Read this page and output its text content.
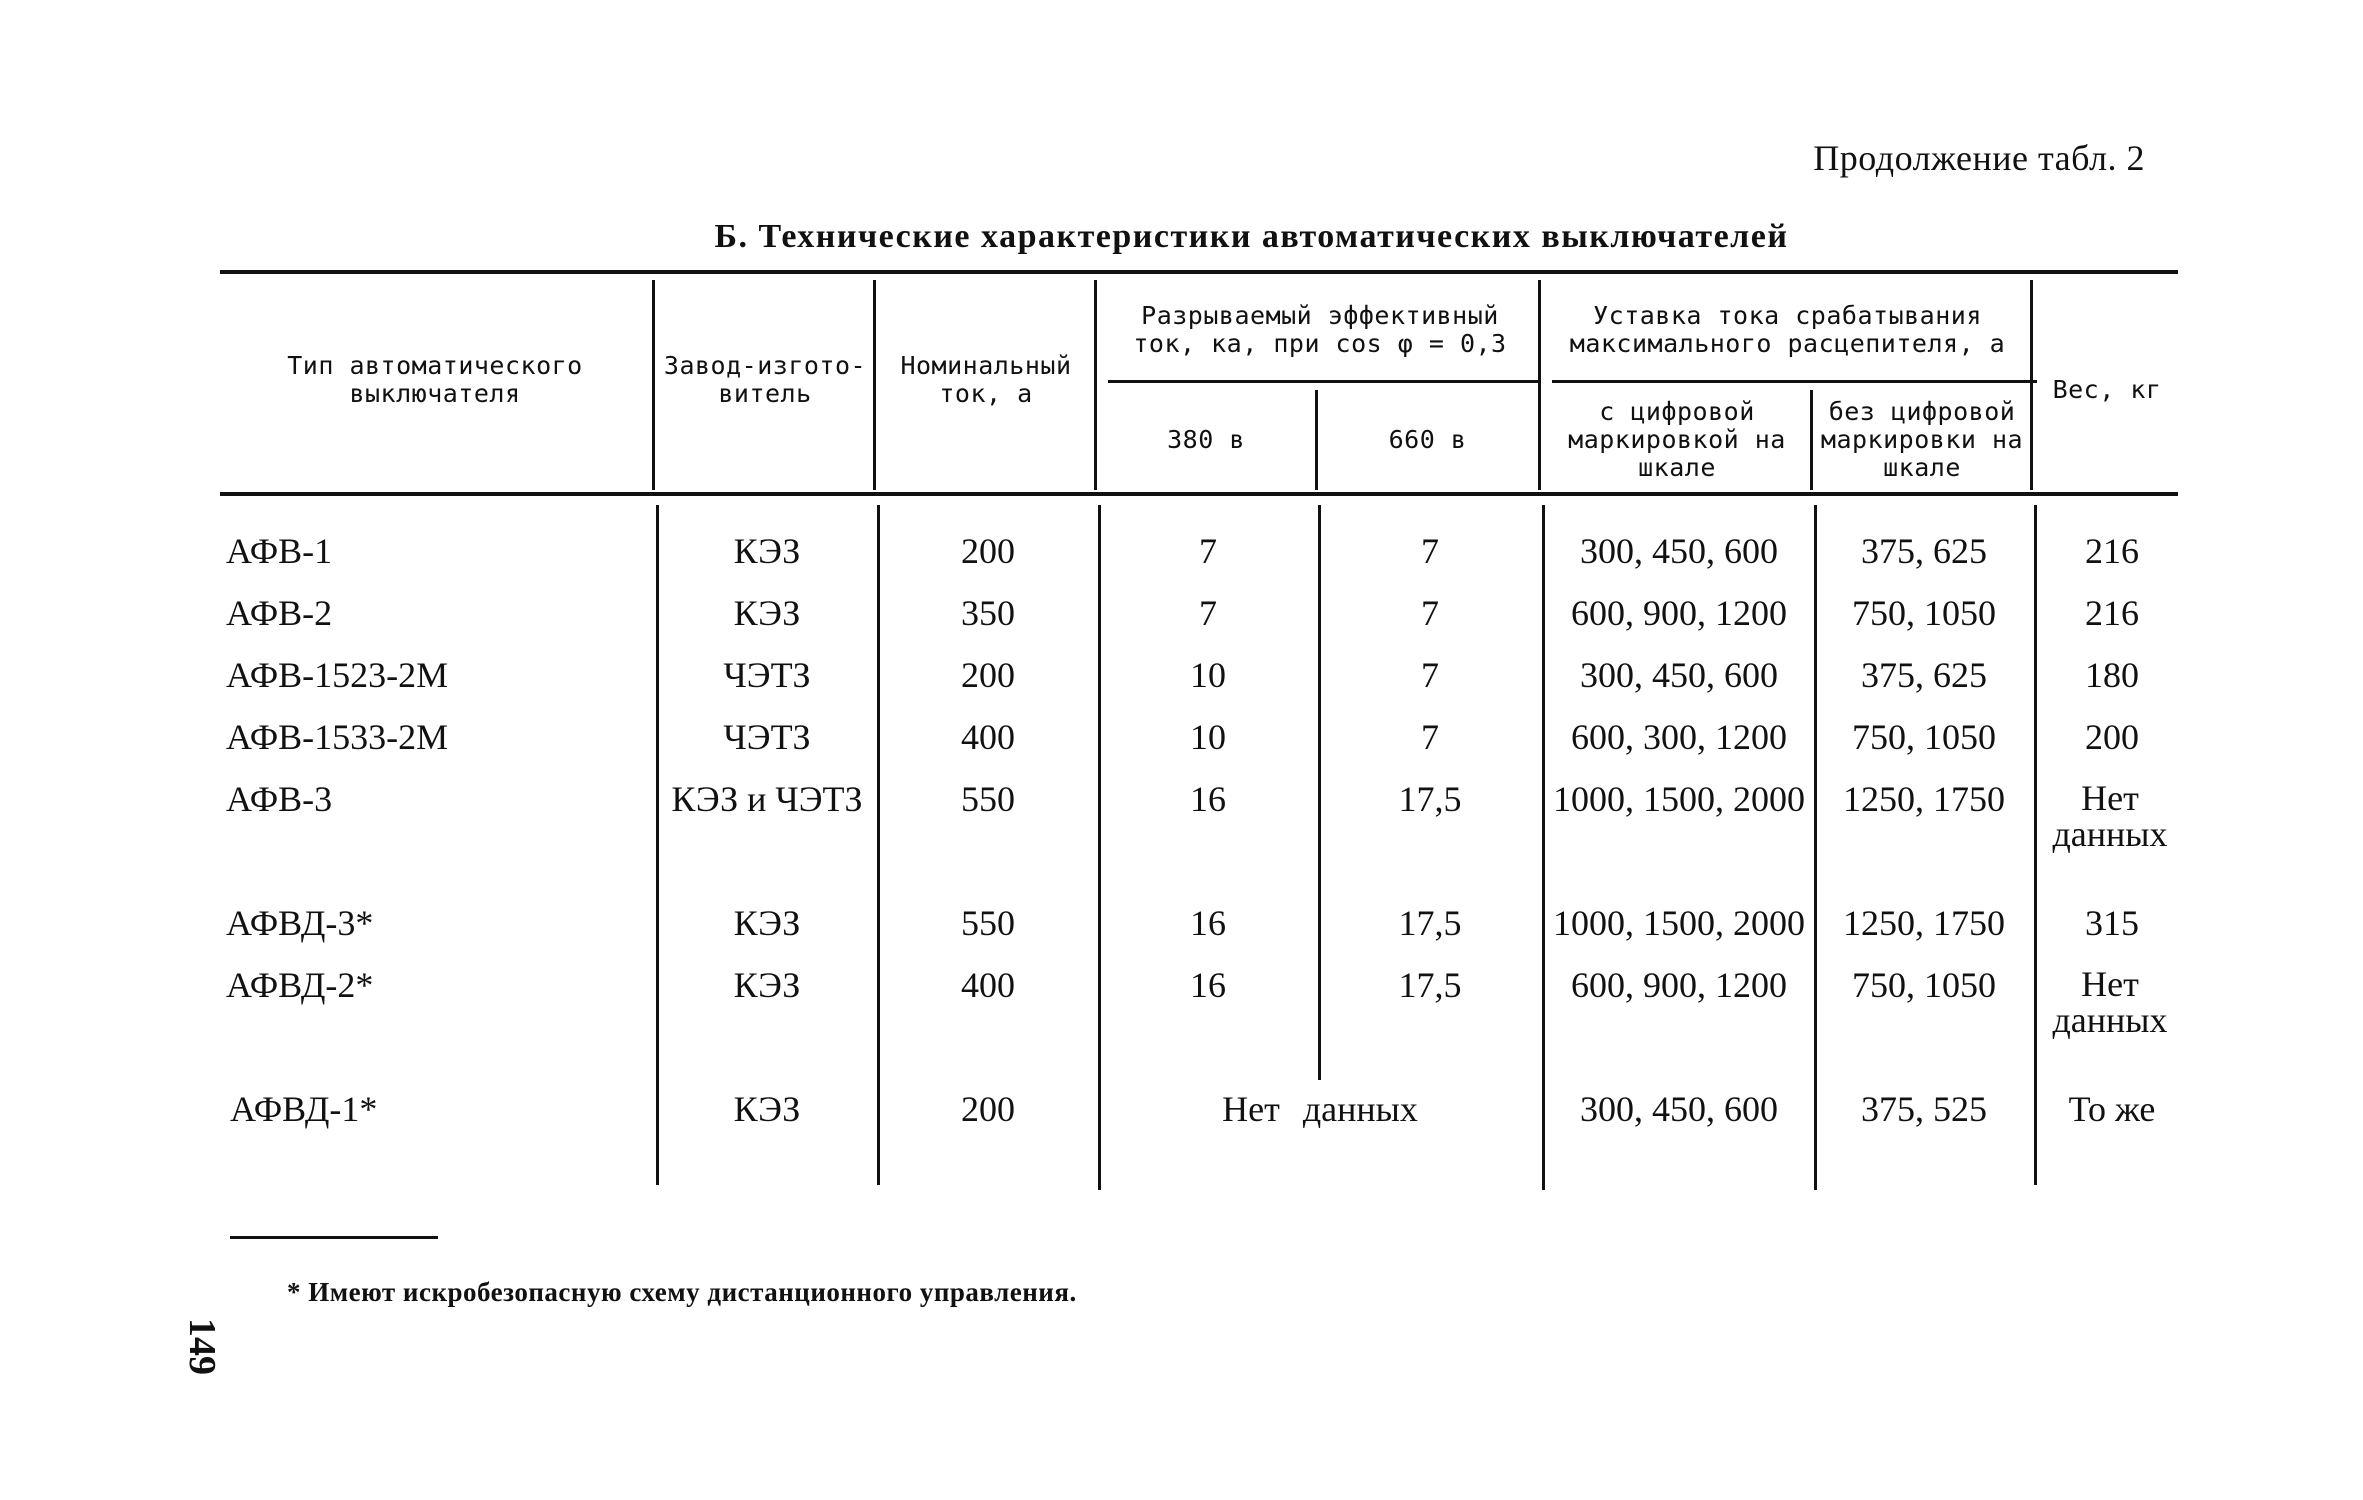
Продолжение табл. 2
Б. Технические характеристики автоматических выключателей
Тип автоматического выключателя
Завод-изгото-витель
Номинальный ток, а
Разрываемый эффективный ток, ка, при cos φ = 0,3
380 в	660 в
Уставка тока срабатывания максимального расцепителя, а
с цифровой маркировкой на шкале
без цифровой маркировки на шкале
Вес, кг
АФВ-1	КЭЗ	200	7	7	300, 450, 600	375, 625	216
АФВ-2	КЭЗ	350	7	7	600, 900, 1200	750, 1050	216
АФВ-1523-2М	ЧЭТЗ	200	10	7	300, 450, 600	375, 625	180
АФВ-1533-2М	ЧЭТЗ	400	10	7	600, 300, 1200	750, 1050	200
АФВ-3	КЭЗ и ЧЭТЗ	550	16	17,5	1000, 1500, 2000	1250, 1750	Нет данных
АФВД-3*	КЭЗ	550	16	17,5	1000, 1500, 2000	1250, 1750	315
АФВД-2*	КЭЗ	400	16	17,5	600, 900, 1200	750, 1050	Нет данных
АФВД-1*	КЭЗ	200	Нет данных	300, 450, 600	375, 525	То же
* Имеют искробезопасную схему дистанционного управления.
149
